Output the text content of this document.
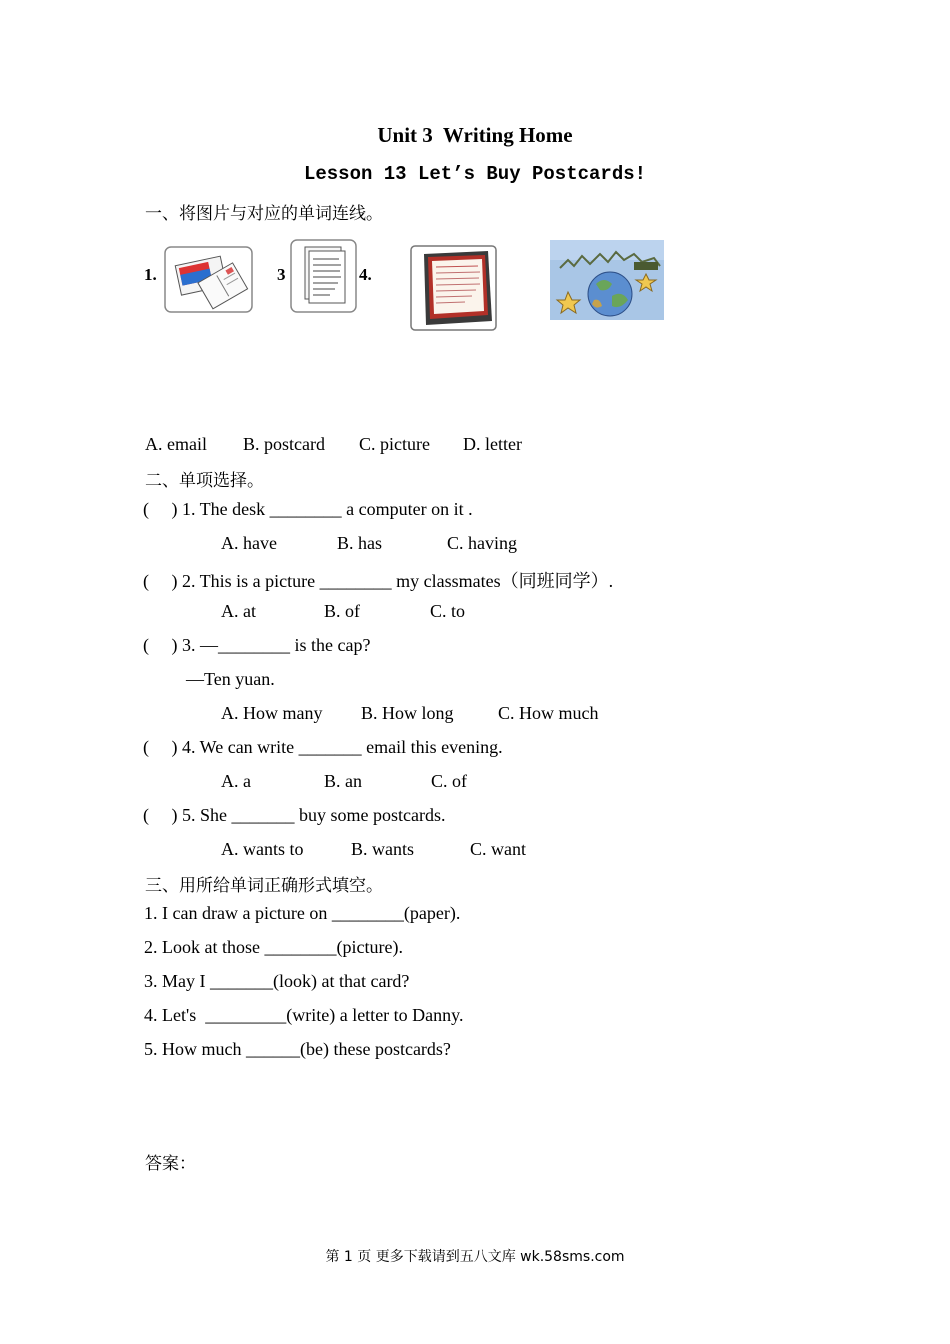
Unit 3  Writing Home
Lesson 13 Let’s Buy Postcards!
一、将图片与对应的单词连线。
1.	3	4.
A. email B. postcard C. picture D. letter
二、单项选择。
(     ) 1. The desk ________ a computer on it .
A. have	B. has	C. having
(     ) 2. This is a picture ________ my classmates（同班同学）.
A. at	B. of	C. to
(     ) 3. —________ is the cap?
—Ten yuan.
A. How many B. How long C. How much
(     ) 4. We can write _______ email this evening.
A. a	B. an	C. of
(     ) 5. She _______ buy some postcards.
A. wants to	B. wants	C. want
三、用所给单词正确形式填空。
1. I can draw a picture on ________(paper).
2. Look at those ________(picture).
3. May I _______(look) at that card?
4. Let's  _________(write) a letter to Danny.
5. How much ______(be) these postcards?
答案：
第 1 页 更多下载请到五八文库 wk.58sms.com
